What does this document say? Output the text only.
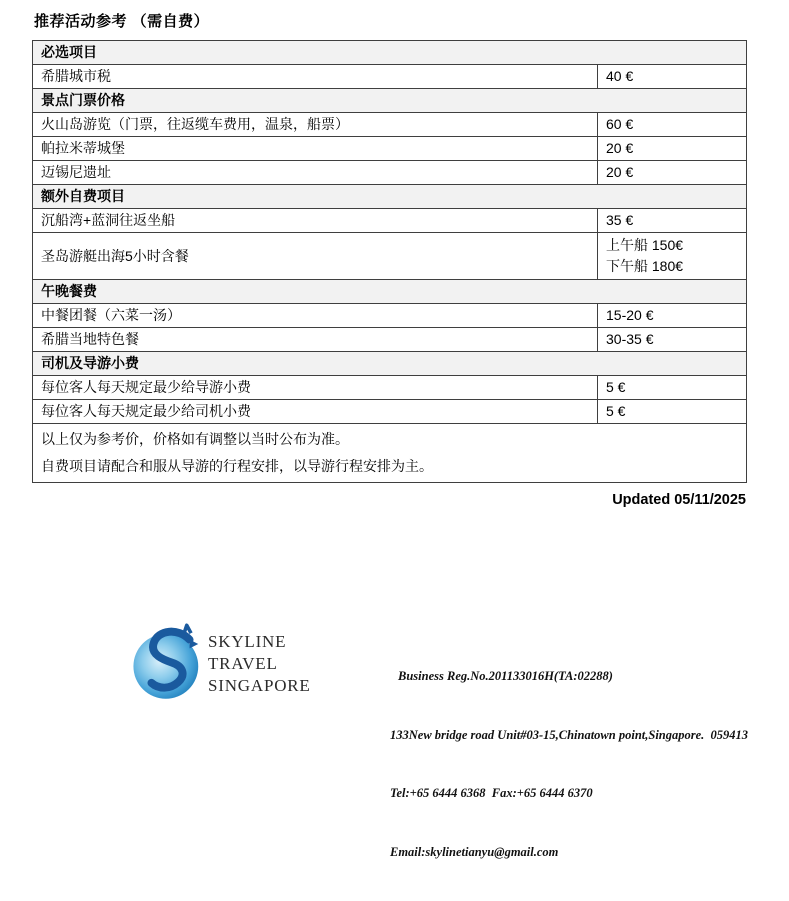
推荐活动参考 （需自费）
必选项目	
希腊城市税	40 €
景点门票价格	
火山岛游览（门票，往返缆车费用，温泉，船票）	60 €
帕拉米蒂城堡	20 €
迈锡尼遗址	20 €
额外自费项目	
沉船湾+蓝洞往返坐船	35 €
圣岛游艇出海5小时含餐	上午船 150€
下午船 180€

午晚餐费	
中餐团餐（六菜一汤）	15-20 €
希腊当地特色餐	30-35 €
司机及导游小费	
每位客人每天规定最少给导游小费	5 €
每位客人每天规定最少给司机小费	5 €

以上仅为参考价，价格如有调整以当时公布为准。
自费项目请配合和服从导游的行程安排，以导游行程安排为主。	
Updated 05/11/2025
SKYLINE
TRAVEL
SINGAPORE

	Business Reg.No.201133016H(TA:02288)

133New bridge road Unit#03-15,Chinatown point,Singapore.  059413

Tel:+65 6444 6368  Fax:+65 6444 6370

Email:skylinetianyu@gmail.com
